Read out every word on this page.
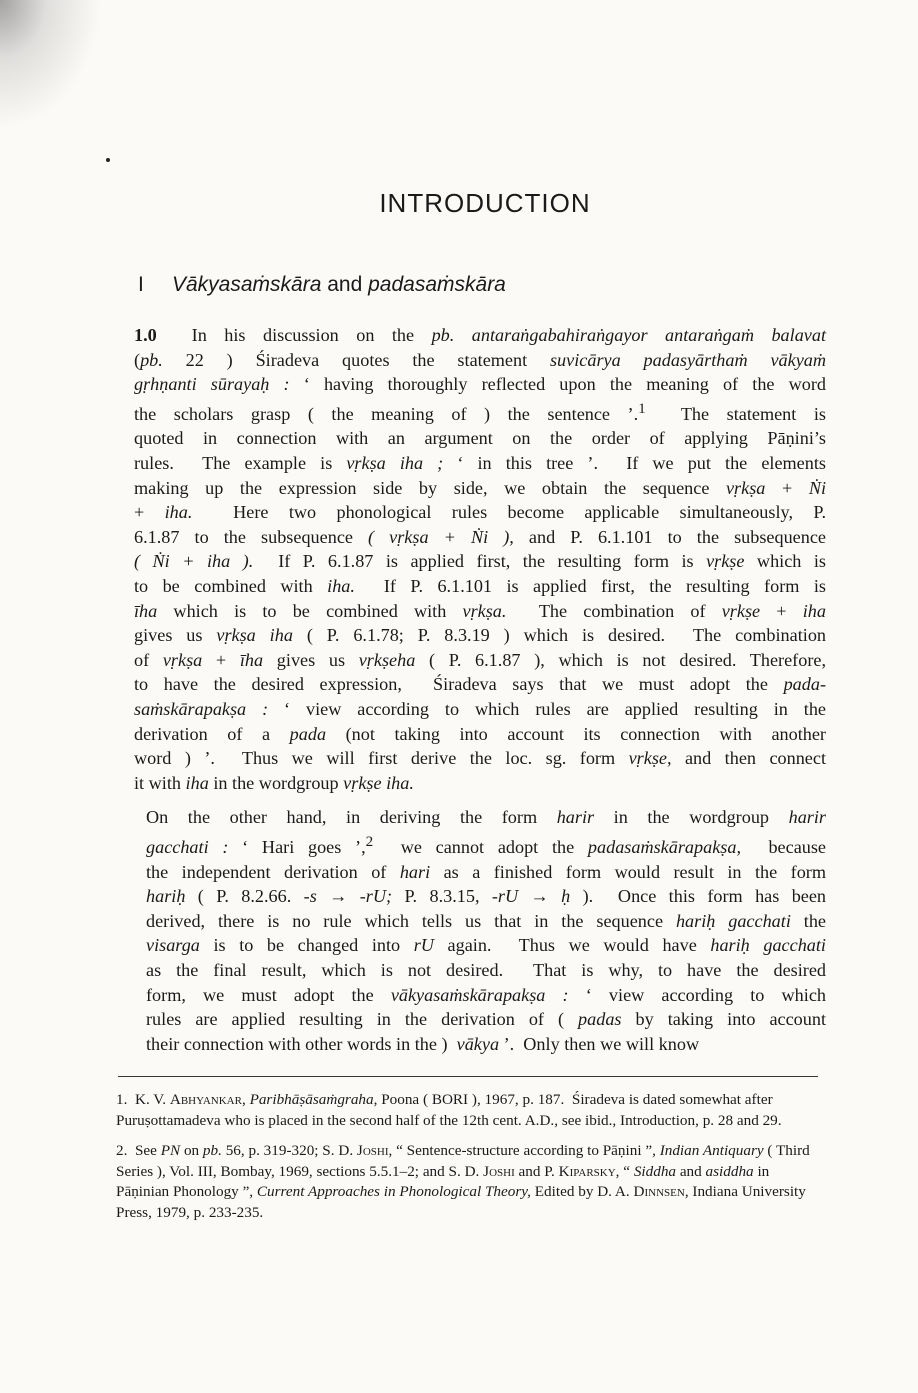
INTRODUCTION
I Vākyasaṁskāra and padasaṁskāra

1.0  In his discussion on the pb. antaraṅgabahiraṅgayor antaraṅgaṁ balavat
(pb. 22 ) Śiradeva quotes the statement suvicārya padasyārthaṁ vākyaṁ
gṛhṇanti sūrayaḥ : ‘ having thoroughly reflected upon the meaning of the word
the scholars grasp ( the meaning of ) the sentence ’.$^1$  The statement is
quoted in connection with an argument on the order of applying Pāṇini’s
rules.  The example is vṛkṣa iha ; ‘ in this tree ’.  If we put the elements
making up the expression side by side, we obtain the sequence vṛkṣa + Ṅi
+ iha.  Here two phonological rules become applicable simultaneously, P.
6.1.87 to the subsequence ( vṛkṣa + Ṅi ), and P. 6.1.101 to the subsequence
( Ṅi + iha ).  If P. 6.1.87 is applied first, the resulting form is vṛkṣe which is
to be combined with iha.  If P. 6.1.101 is applied first, the resulting form is
īha which is to be combined with vṛkṣa.  The combination of vṛkṣe + iha
gives us vṛkṣa iha ( P. 6.1.78; P. 8.3.19 ) which is desired.  The combination
of vṛkṣa + īha gives us vṛkṣeha ( P. 6.1.87 ), which is not desired. Therefore,
to have the desired expression,  Śiradeva says that we must adopt the pada-
saṁskārapakṣa : ‘ view according to which rules are applied resulting in the
derivation of a pada (not taking into account its connection with another
word ) ’.  Thus we will first derive the loc. sg. form vṛkṣe, and then connect
it with iha in the wordgroup vṛkṣe iha.

On the other hand, in deriving the form harir in the wordgroup harir
gacchati : ‘ Hari goes ’,$^2$  we cannot adopt the padasaṁskārapakṣa,  because
the independent derivation of hari as a finished form would result in the form
hariḥ ( P. 8.2.66. -s → -rU; P. 8.3.15, -rU → ḥ ).  Once this form has been
derived, there is no rule which tells us that in the sequence hariḥ gacchati the
visarga is to be changed into rU again.  Thus we would have hariḥ gacchati
as the final result, which is not desired.  That is why, to have the desired
form, we must adopt the vākyasaṁskārapakṣa : ‘ view according to which
rules are applied resulting in the derivation of ( padas by taking into account
their connection with other words in the )  vākya ’.  Only then we will know

1.  K. V. Abhyankar, Paribhāṣāsaṁgraha, Poona ( BORI ), 1967, p. 187.  Śiradeva is dated somewhat after Puruṣottamadeva who is placed in the second half of the 12th cent. A.D., see ibid., Introduction, p. 28 and 29.

2.  See PN on pb. 56, p. 319-320; S. D. Joshi, “ Sentence-structure according to Pāṇini ”, Indian Antiquary ( Third Series ), Vol. III, Bombay, 1969, sections 5.5.1–2; and S. D. Joshi and P. Kiparsky, “ Siddha and asiddha in Pāṇinian Phonology ”, Current Approaches in Phonological Theory, Edited by D. A. Dinnsen, Indiana University Press, 1979, p. 233-235.
